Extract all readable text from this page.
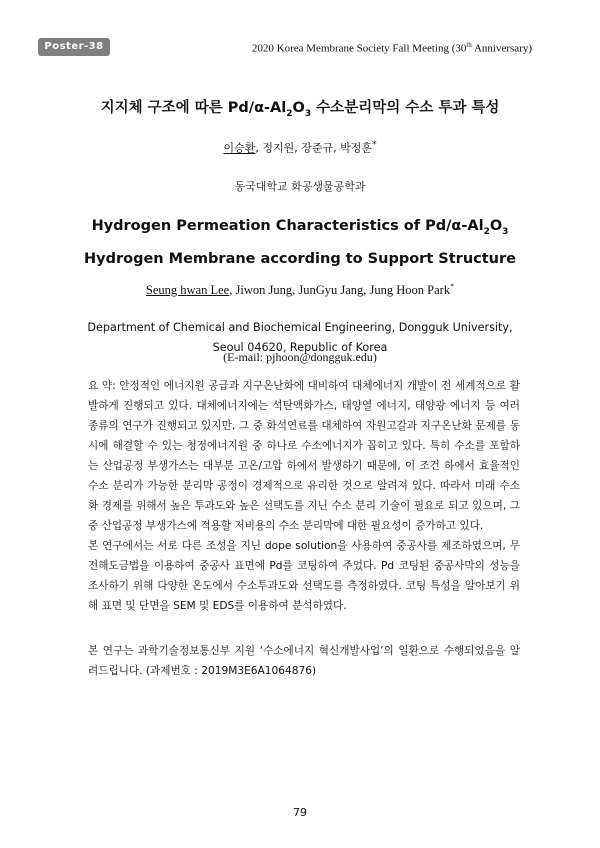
Poster-38	2020 Korea Membrane Society Fall Meeting (30th Anniversary)
지지체 구조에 따른 $Pd/\alpha-Al_2O_3$ 수소분리막의 수소 투과 특성
이승환, 정지원, 장준규, 박정훈*
동국대학교 화공생물공학과
Hydrogen Permeation Characteristics of $Pd/\alpha-Al_2O_3$ Hydrogen Membrane according to Support Structure
Seung hwan Lee, Jiwon Jung, JunGyu Jang, Jung Hoon Park*
Department of Chemical and Biochemical Engineering, Dongguk University, Seoul 04620, Republic of Korea
(E-mail: pjhoon@dongguk.edu)

요 약: 안정적인 에너지원 공급과 지구온난화에 대비하여 대체에너지 개발이 전 세계적으로 활발하게 진행되고 있다. 대체에너지에는 석탄액화가스, 태양열 에너지, 태양광 에너지 등 여러 종류의 연구가 진행되고 있지만, 그 중 화석연료를 대체하여 자원고갈과 지구온난화 문제를 동시에 해결할 수 있는 청정에너지원 중 하나로 수소에너지가 꼽히고 있다. 특히 수소를 포함하는 산업공정 부생가스는 대부분 고온/고압 하에서 발생하기 때문에, 이 조건 하에서 효율적인 수소 분리가 가능한 분리막 공정이 경제적으로 유리한 것으로 알려져 있다. 따라서 미래 수소화 경제를 위해서 높은 투과도와 높은 선택도를 지닌 수소 분리 기술이 필요로 되고 있으며, 그 중 산업공정 부생가스에 적용할 저비용의 수소 분리막에 대한 필요성이 증가하고 있다.

본 연구에서는 서로 다른 조성을 지닌 dope solution을 사용하여 중공사를 제조하였으며, 무전해도금법을 이용하여 중공사 표면에 Pd를 코팅하여 주었다. Pd 코팅된 중공사막의 성능을 조사하기 위해 다양한 온도에서 수소투과도와 선택도를 측정하였다. 코팅 특성을 알아보기 위해 표면 및 단면을 SEM 및 EDS를 이용하여 분석하였다.

본 연구는 과학기술정보통신부 지원 ‘수소에너지 혁신개발사업’의 일환으로 수행되었음을 알려드립니다. (과제번호 : 2019M3E6A1064876)

79
